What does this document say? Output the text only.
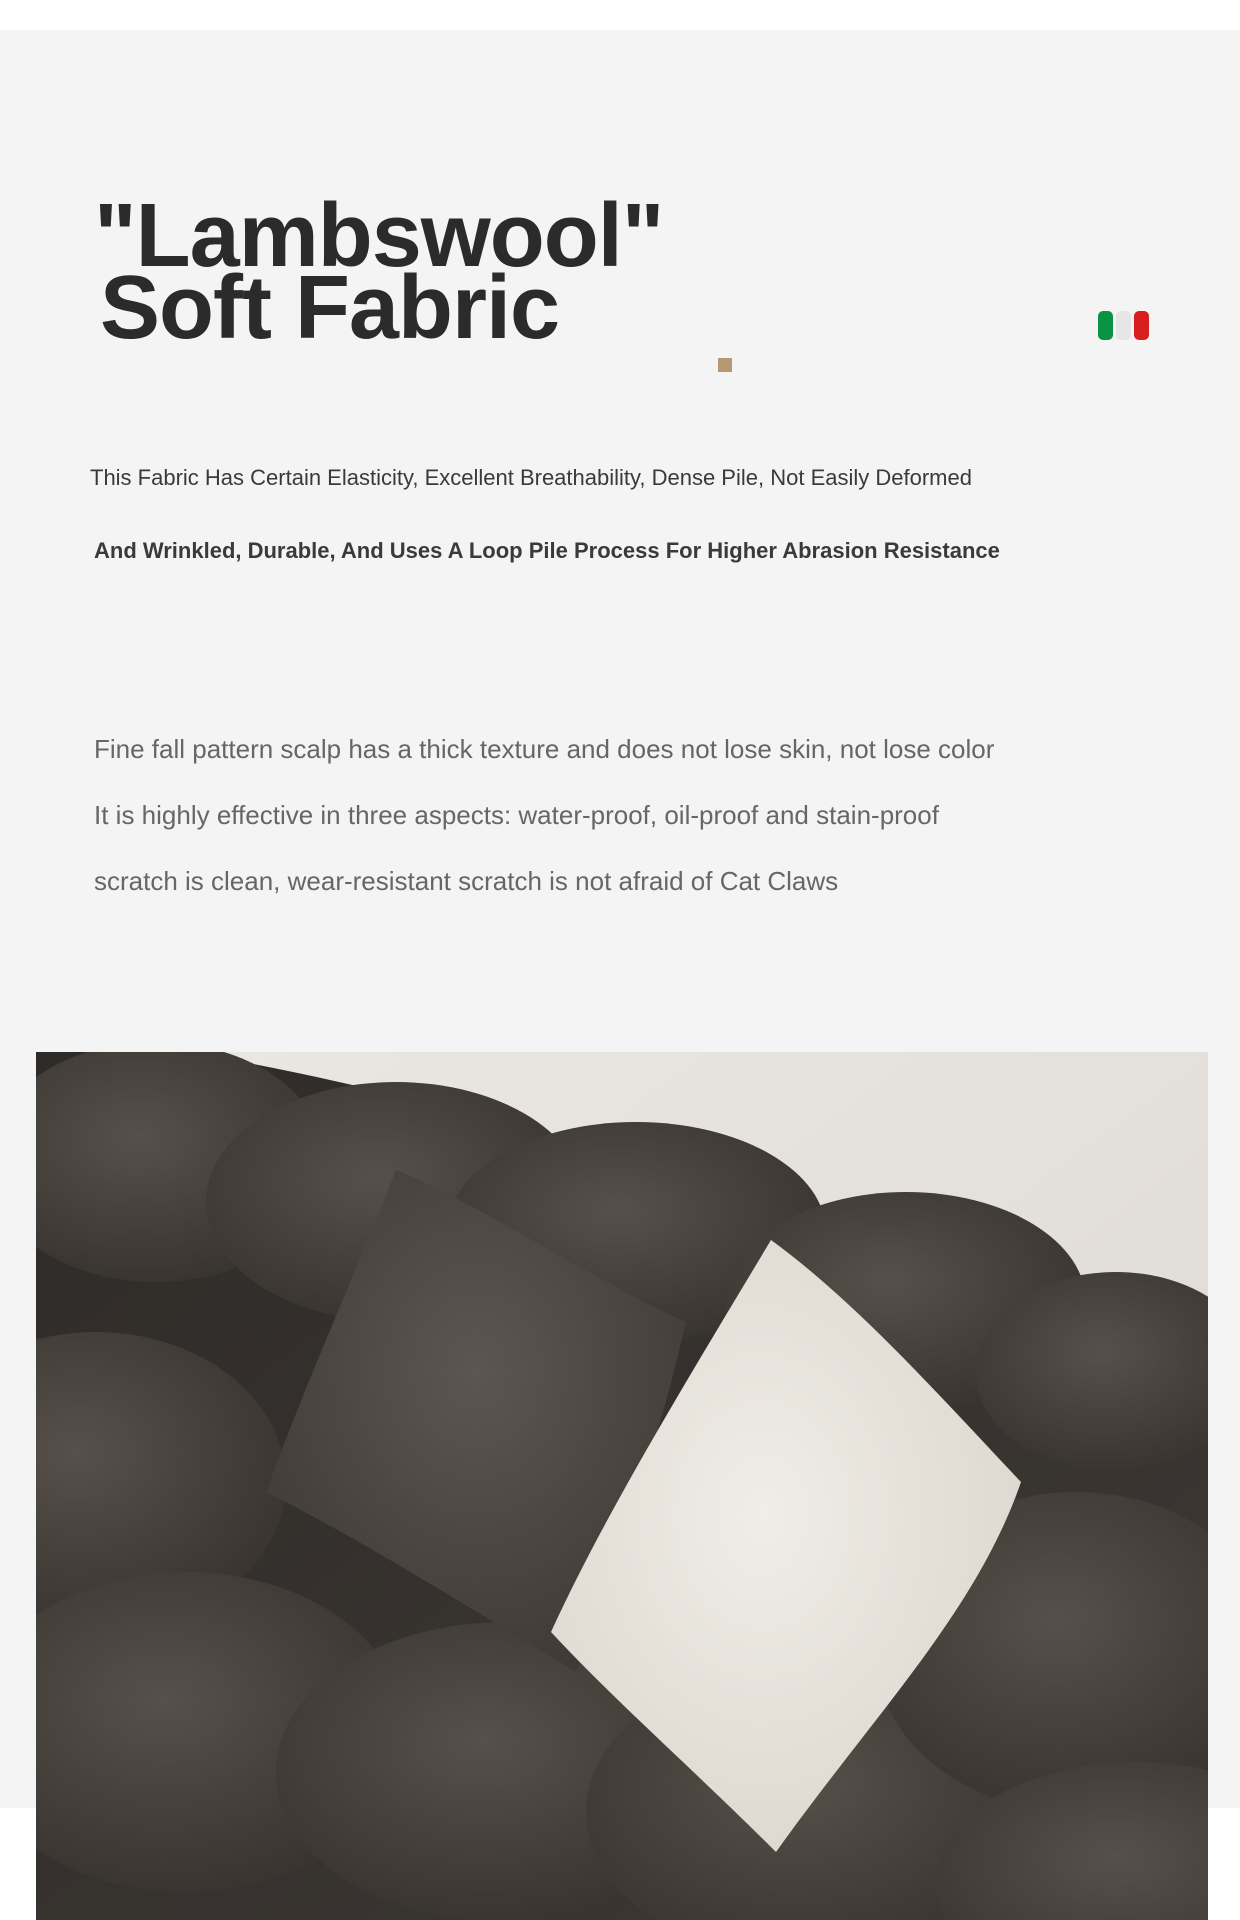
"Lambswool"
Soft Fabric
This Fabric Has Certain Elasticity, Excellent Breathability, Dense Pile, Not Easily Deformed
And Wrinkled, Durable, And Uses A Loop Pile Process For Higher Abrasion Resistance

Fine fall pattern scalp has a thick texture and does not lose skin, not lose color
It is highly effective in three aspects: water-proof, oil-proof and stain-proof
scratch is clean, wear-resistant scratch is not afraid of Cat Claws
